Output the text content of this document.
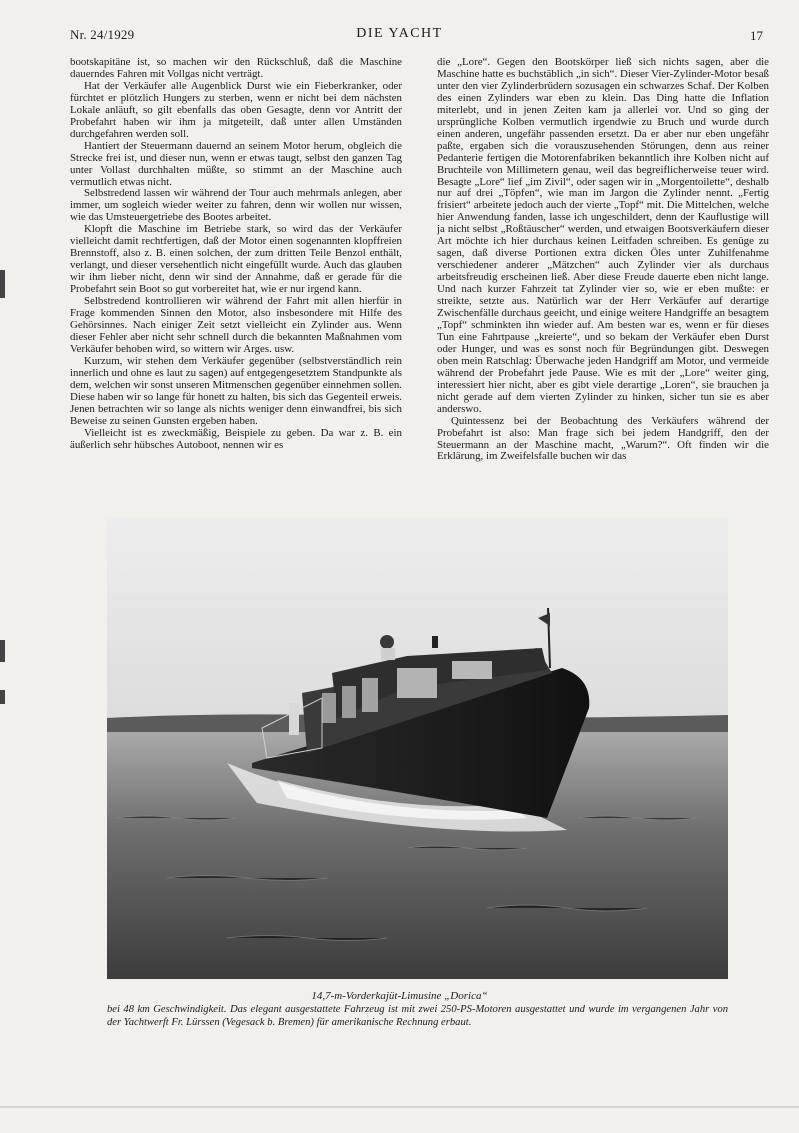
Nr. 24/1929	DIE YACHT	17

bootskapitäne ist, so machen wir den Rückschluß, daß die Maschine dauerndes Fahren mit Vollgas nicht verträgt.

Hat der Verkäufer alle Augenblick Durst wie ein Fieberkranker, oder fürchtet er plötzlich Hungers zu sterben, wenn er nicht bei dem nächsten Lokale anläuft, so gilt ebenfalls das oben Gesagte, denn vor Antritt der Probefahrt haben wir ihm ja mitgeteilt, daß unter allen Umständen durchgefahren werden soll.

Hantiert der Steuermann dauernd an seinem Motor herum, obgleich die Strecke frei ist, und dieser nun, wenn er etwas taugt, selbst den ganzen Tag unter Vollast durchhalten müßte, so stimmt an der Maschine auch vermutlich etwas nicht.

Selbstredend lassen wir während der Tour auch mehrmals anlegen, aber immer, um sogleich wieder weiter zu fahren, denn wir wollen nur wissen, wie das Umsteuergetriebe des Bootes arbeitet.

Klopft die Maschine im Betriebe stark, so wird das der Verkäufer vielleicht damit rechtfertigen, daß der Motor einen sogenannten klopffreien Brennstoff, also z. B. einen solchen, der zum dritten Teile Benzol enthält, verlangt, und dieser versehentlich nicht eingefüllt wurde. Auch das glauben wir ihm lieber nicht, denn wir sind der Annahme, daß er gerade für die Probefahrt sein Boot so gut vorbereitet hat, wie er nur irgend kann.

Selbstredend kontrollieren wir während der Fahrt mit allen hierfür in Frage kommenden Sinnen den Motor, also insbesondere mit Hilfe des Gehörsinnes. Nach einiger Zeit setzt vielleicht ein Zylinder aus. Wenn dieser Fehler aber nicht sehr schnell durch die bekannten Maßnahmen vom Verkäufer behoben wird, so wittern wir Arges. usw.

Kurzum, wir stehen dem Verkäufer gegenüber (selbstverständlich rein innerlich und ohne es laut zu sagen) auf entgegengesetztem Standpunkte als dem, welchen wir sonst unseren Mitmenschen gegenüber einnehmen sollen. Diese haben wir so lange für honett zu halten, bis sich das Gegenteil erweis. Jenen betrachten wir so lange als nichts weniger denn einwandfrei, bis sich Beweise zu seinen Gunsten ergeben haben.

Vielleicht ist es zweckmäßig, Beispiele zu geben. Da war z. B. ein äußerlich sehr hübsches Autoboot, nennen wir es

die „Lore“. Gegen den Bootskörper ließ sich nichts sagen, aber die Maschine hatte es buchstäblich „in sich“. Dieser Vier-Zylinder-Motor besaß unter den vier Zylinderbrüdern sozusagen ein schwarzes Schaf. Der Kolben des einen Zylinders war eben zu klein. Das Ding hatte die Inflation miterlebt, und in jenen Zeiten kam ja allerlei vor. Und so ging der ursprüngliche Kolben vermutlich irgendwie zu Bruch und wurde durch einen anderen, ungefähr passenden ersetzt. Da er aber nur eben ungefähr paßte, ergaben sich die vorauszusehenden Störungen, denn aus reiner Pedanterie fertigen die Motorenfabriken bekanntlich ihre Kolben nicht auf Bruchteile von Millimetern genau, weil das begreiflicherweise teuer wird. Besagte „Lore“ lief „im Zivil“, oder sagen wir in „Morgentoilette“, deshalb nur auf drei „Töpfen“, wie man im Jargon die Zylinder nennt. „Fertig frisiert“ arbeitete jedoch auch der vierte „Topf“ mit. Die Mittelchen, welche hier Anwendung fanden, lasse ich ungeschildert, denn der Kauflustige will ja nicht selbst „Roßtäuscher“ werden, und etwaigen Bootsverkäufern dieser Art möchte ich hier durchaus keinen Leitfaden schreiben. Es genüge zu sagen, daß diverse Portionen extra dicken Öles unter Zuhilfenahme verschiedener anderer „Mätzchen“ auch Zylinder vier als durchaus arbeitsfreudig erscheinen ließ. Aber diese Freude dauerte eben nicht lange. Und nach kurzer Fahrzeit tat Zylinder vier so, wie er eben mußte: er streikte, setzte aus. Natürlich war der Herr Verkäufer auf derartige Zwischenfälle durchaus geeicht, und einige weitere Handgriffe an besagtem „Topf“ schminkten ihn wieder auf. Am besten war es, wenn er für dieses Tun eine Fahrtpause „kreierte“, und so bekam der Verkäufer eben Durst oder Hunger, und was es sonst noch für Begründungen gibt. Deswegen oben mein Ratschlag: Überwache jeden Handgriff am Motor, und vermeide während der Probefahrt jede Pause. Wie es mit der „Lore“ weiter ging, interessiert hier nicht, aber es gibt viele derartige „Loren“, sie brauchen ja nicht gerade auf dem vierten Zylinder zu hinken, sicher tun sie es aber anderswo.

Quintessenz bei der Beobachtung des Verkäufers während der Probefahrt ist also: Man frage sich bei jedem Handgriff, den der Steuermann an der Maschine macht, „Warum?“. Oft finden wir die Erklärung, im Zweifelsfalle buchen wir das

14,7-m-Vorderkajüt-Limusine „Dorica“
bei 48 km Geschwindigkeit. Das elegant ausgestattete Fahrzeug ist mit zwei 250-PS-Motoren ausgestattet und wurde im vergangenen Jahr von der Yachtwerft Fr. Lürssen (Vegesack b. Bremen) für amerikanische Rechnung erbaut.
